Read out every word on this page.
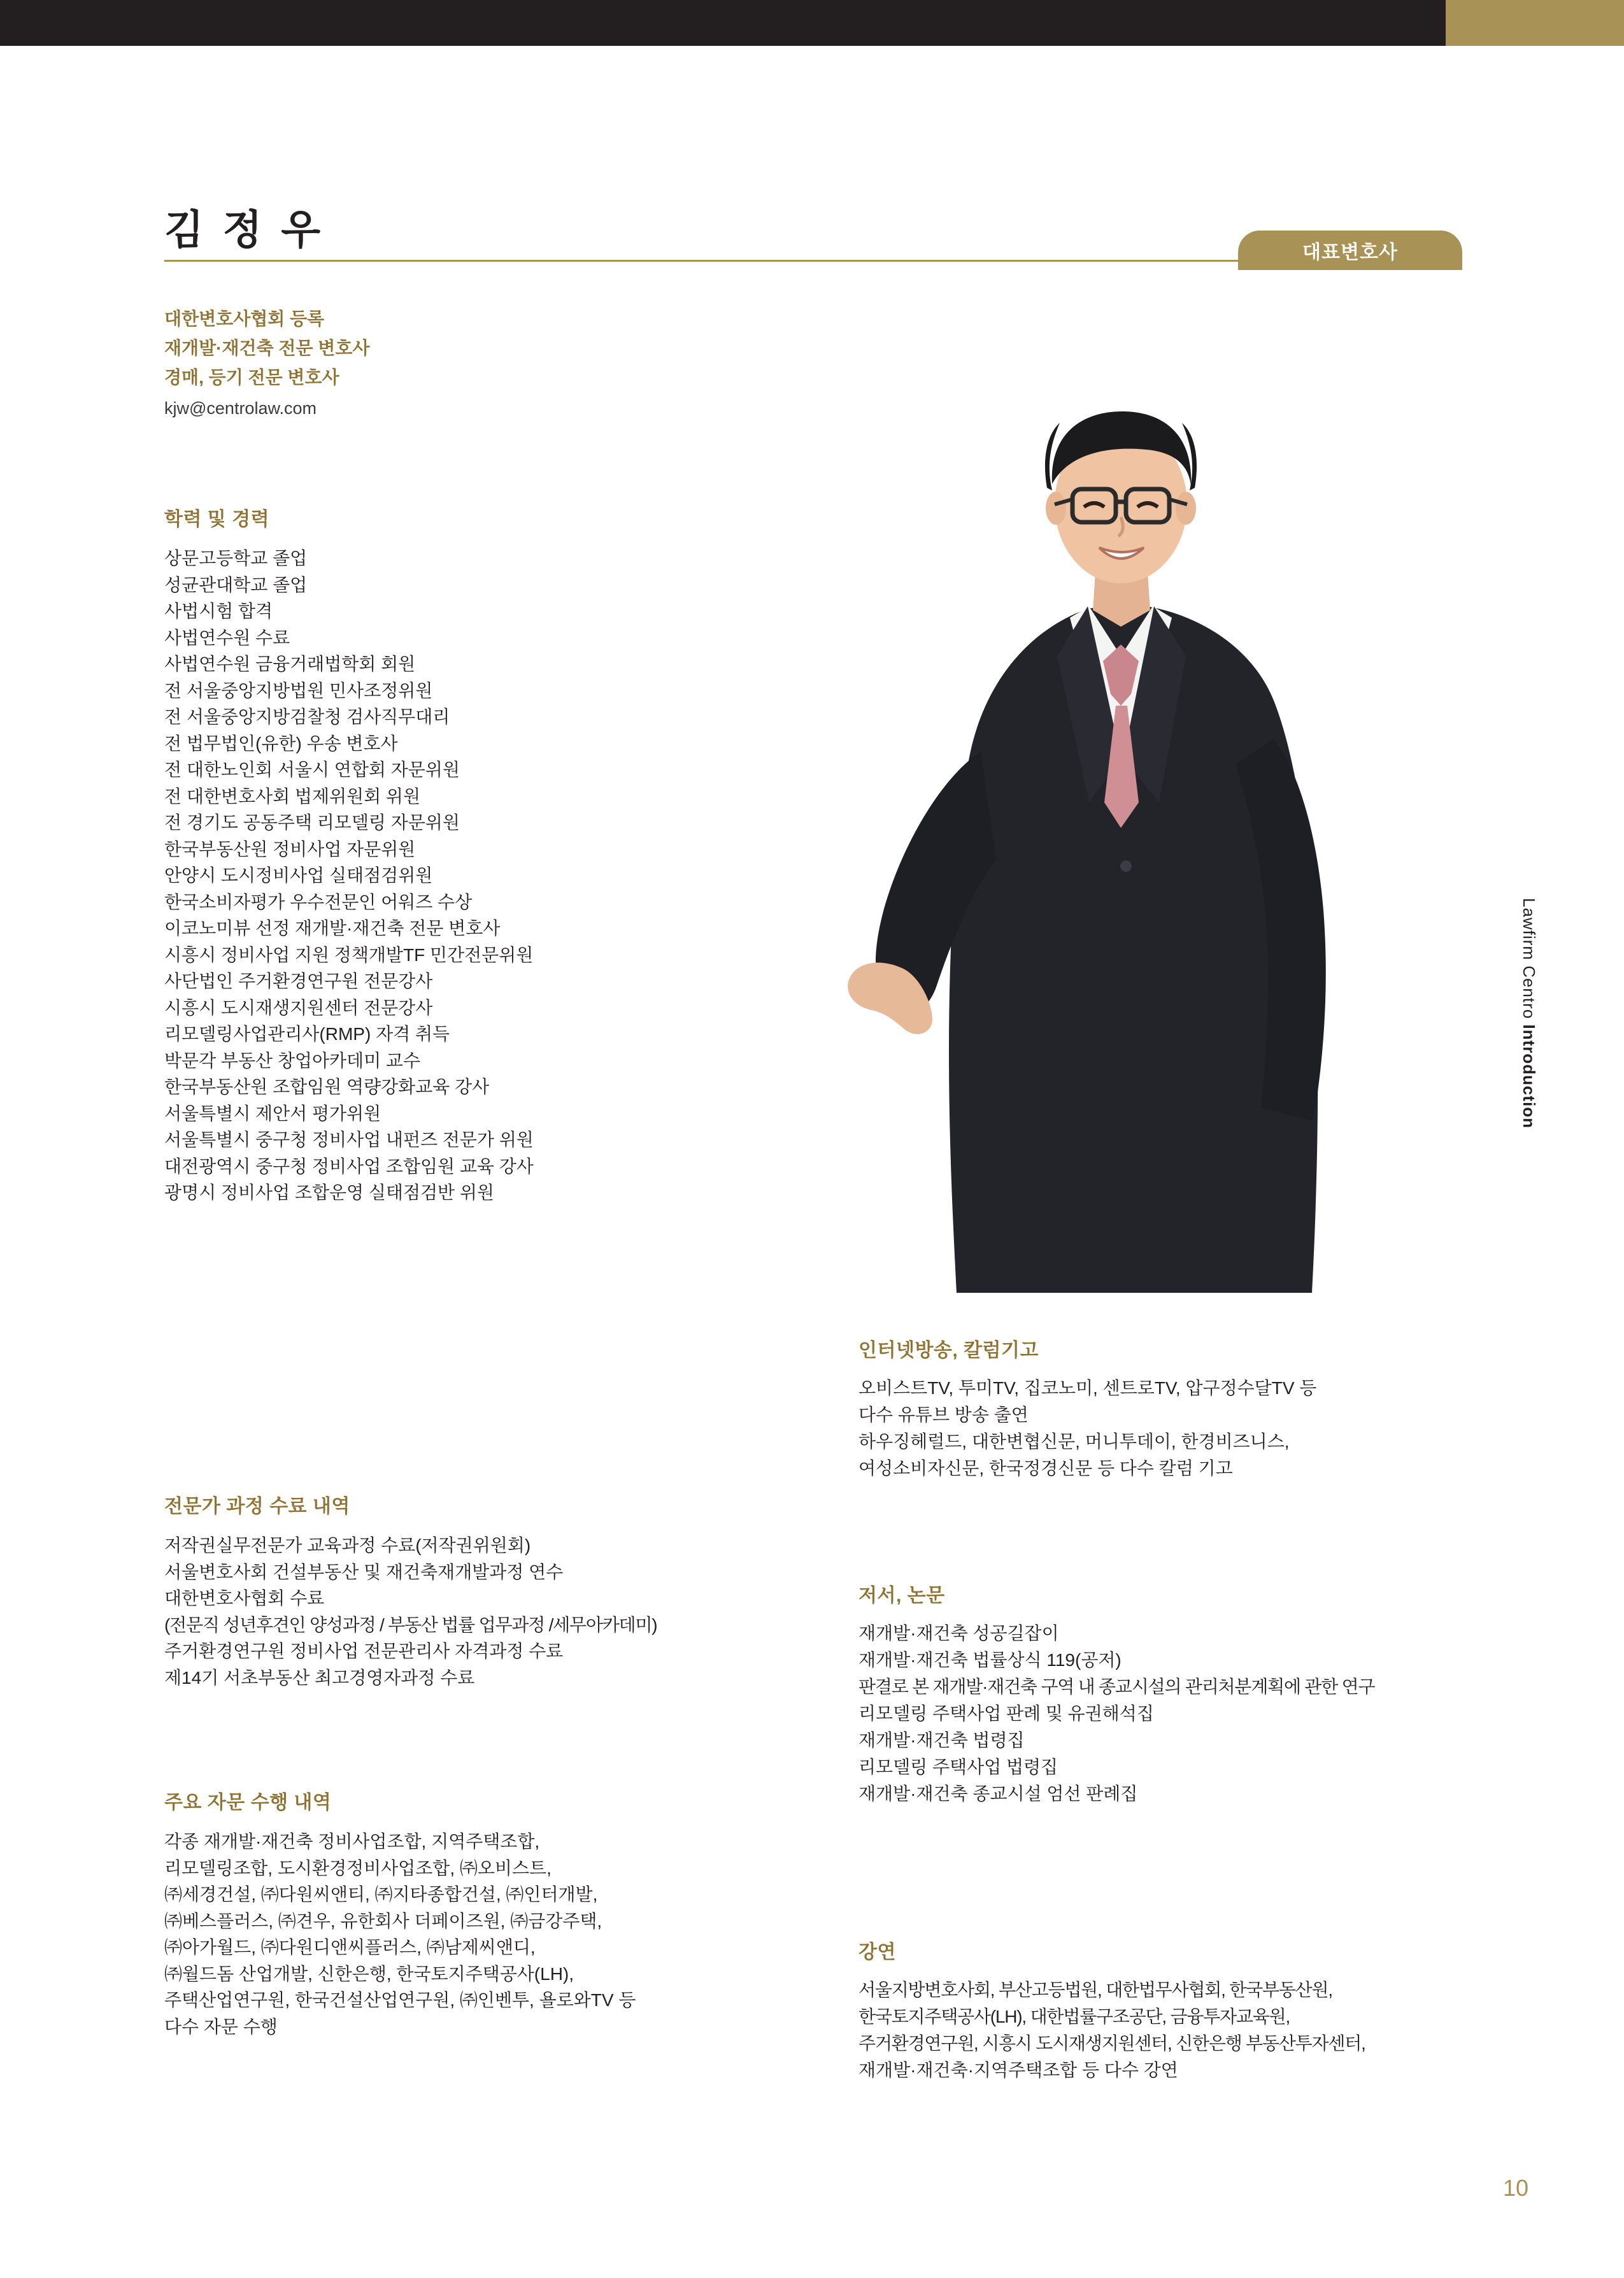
김 정 우	대표변호사
대한변호사협회 등록
재개발·재건축 전문 변호사
경매, 등기 전문 변호사
kjw@centrolaw.com
학력 및 경력
상문고등학교 졸업
성균관대학교 졸업
사법시험 합격
사법연수원 수료
사법연수원 금융거래법학회 회원
전 서울중앙지방법원 민사조정위원
전 서울중앙지방검찰청 검사직무대리
전 법무법인(유한) 우송 변호사
전 대한노인회 서울시 연합회 자문위원
전 대한변호사회 법제위원회 위원
전 경기도 공동주택 리모델링 자문위원
한국부동산원 정비사업 자문위원
안양시 도시정비사업 실태점검위원
한국소비자평가 우수전문인 어워즈 수상
이코노미뷰 선정 재개발·재건축 전문 변호사
시흥시 정비사업 지원 정책개발TF 민간전문위원
사단법인 주거환경연구원 전문강사
시흥시 도시재생지원센터 전문강사
리모델링사업관리사(RMP) 자격 취득
박문각 부동산 창업아카데미 교수
한국부동산원 조합임원 역량강화교육 강사
서울특별시 제안서 평가위원
서울특별시 중구청 정비사업 내펀즈 전문가 위원
대전광역시 중구청 정비사업 조합임원 교육 강사
광명시 정비사업 조합운영 실태점검반 위원
전문가 과정 수료 내역
저작권실무전문가 교육과정 수료(저작권위원회)
서울변호사회 건설부동산 및 재건축재개발과정 연수
대한변호사협회 수료
(전문직 성년후견인 양성과정 / 부동산 법률 업무과정 /세무아카데미)
주거환경연구원 정비사업 전문관리사 자격과정 수료
제14기 서초부동산 최고경영자과정 수료
주요 자문 수행 내역
각종 재개발·재건축 정비사업조합, 지역주택조합,
리모델링조합, 도시환경정비사업조합, ㈜오비스트,
㈜세경건설, ㈜다원씨앤티, ㈜지타종합건설, ㈜인터개발,
㈜베스플러스, ㈜견우, 유한회사 더페이즈원, ㈜금강주택,
㈜아가월드, ㈜다원디앤씨플러스, ㈜남제씨앤디,
㈜월드돔 산업개발, 신한은행, 한국토지주택공사(LH),
주택산업연구원, 한국건설산업연구원, ㈜인벤투, 욜로와TV 등
다수 자문 수행
인터넷방송, 칼럼기고
오비스트TV, 투미TV, 집코노미, 센트로TV, 압구정수달TV 등
다수 유튜브 방송 출연
하우징헤럴드, 대한변협신문, 머니투데이, 한경비즈니스,
여성소비자신문, 한국정경신문 등 다수 칼럼 기고
저서, 논문
재개발·재건축 성공길잡이
재개발·재건축 법률상식 119(공저)
판결로 본 재개발·재건축 구역 내 종교시설의 관리처분계획에 관한 연구
리모델링 주택사업 판례 및 유권해석집
재개발·재건축 법령집
리모델링 주택사업 법령집
재개발·재건축 종교시설 엄선 판례집
강연
서울지방변호사회, 부산고등법원, 대한법무사협회, 한국부동산원,
한국토지주택공사(LH), 대한법률구조공단, 금융투자교육원,
주거환경연구원, 시흥시 도시재생지원센터, 신한은행 부동산투자센터,
재개발·재건축·지역주택조합 등 다수 강연
Lawfirm Centro Introduction
10
